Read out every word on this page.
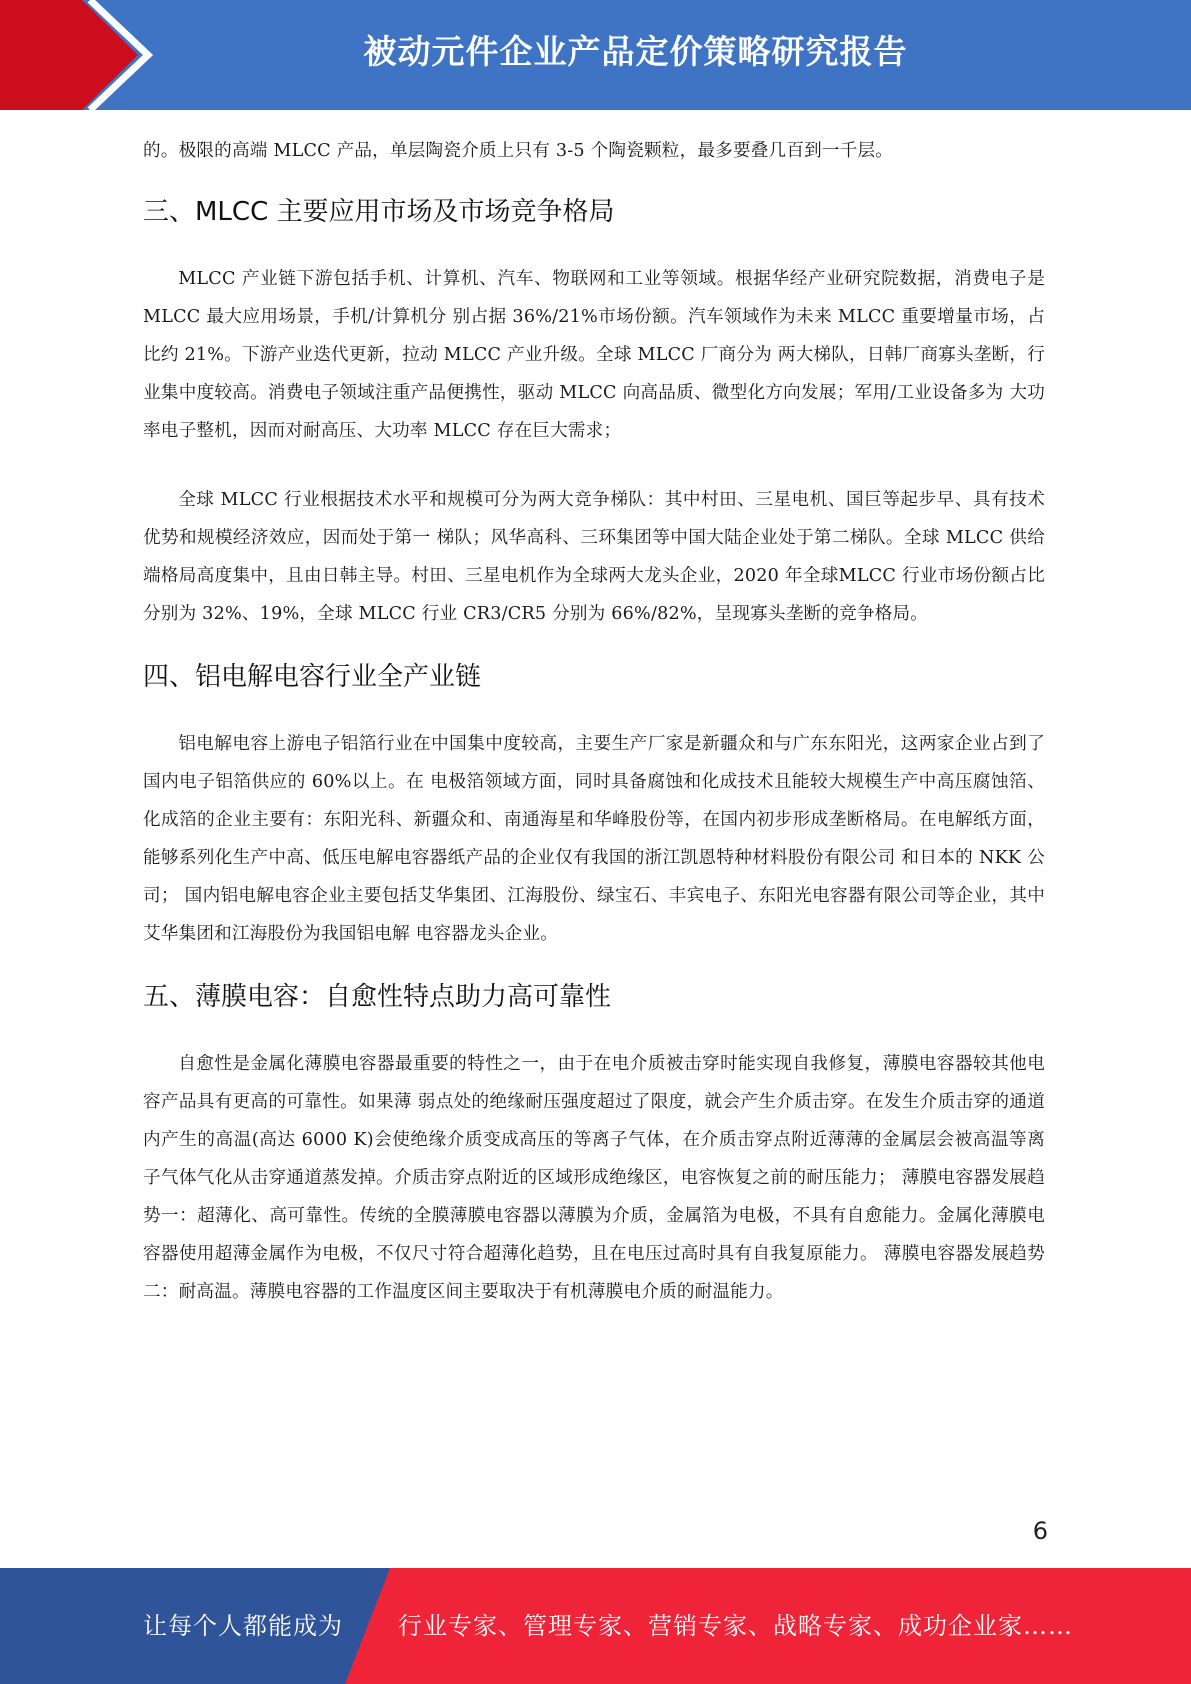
被动元件企业产品定价策略研究报告

的。极限的高端 MLCC 产品，单层陶瓷介质上只有 3-5 个陶瓷颗粒，最多要叠几百到一千层。

三、MLCC 主要应用市场及市场竞争格局

MLCC 产业链下游包括手机、计算机、汽车、物联网和工业等领域。根据华经产业研究院数据，消费电子是 MLCC 最大应用场景，手机/计算机分 别占据 36%/21%市场份额。汽车领域作为未来 MLCC 重要增量市场，占比约 21%。下游产业迭代更新，拉动 MLCC 产业升级。全球 MLCC 厂商分为 两大梯队，日韩厂商寡头垄断，行业集中度较高。消费电子领域注重产品便携性，驱动 MLCC 向高品质、微型化方向发展；军用/工业设备多为 大功率电子整机，因而对耐高压、大功率 MLCC 存在巨大需求；

全球 MLCC 行业根据技术水平和规模可分为两大竞争梯队：其中村田、三星电机、国巨等起步早、具有技术优势和规模经济效应，因而处于第一 梯队；风华高科、三环集团等中国大陆企业处于第二梯队。全球 MLCC 供给端格局高度集中，且由日韩主导。村田、三星电机作为全球两大龙头企业，2020 年全球MLCC 行业市场份额占比分别为 32%、19%，全球 MLCC 行业 CR3/CR5 分别为 66%/82%，呈现寡头垄断的竞争格局。

四、铝电解电容行业全产业链

铝电解电容上游电子铝箔行业在中国集中度较高，主要生产厂家是新疆众和与广东东阳光，这两家企业占到了国内电子铝箔供应的 60%以上。在 电极箔领域方面，同时具备腐蚀和化成技术且能较大规模生产中高压腐蚀箔、化成箔的企业主要有：东阳光科、新疆众和、南通海星和华峰股份等，在国内初步形成垄断格局。在电解纸方面，能够系列化生产中高、低压电解电容器纸产品的企业仅有我国的浙江凯恩特种材料股份有限公司 和日本的 NKK 公司； 国内铝电解电容企业主要包括艾华集团、江海股份、绿宝石、丰宾电子、东阳光电容器有限公司等企业，其中艾华集团和江海股份为我国铝电解 电容器龙头企业。

五、薄膜电容：自愈性特点助力高可靠性

自愈性是金属化薄膜电容器最重要的特性之一，由于在电介质被击穿时能实现自我修复，薄膜电容器较其他电容产品具有更高的可靠性。如果薄 弱点处的绝缘耐压强度超过了限度，就会产生介质击穿。在发生介质击穿的通道内产生的高温(高达 6000 K)会使绝缘介质变成高压的等离子气体，在介质击穿点附近薄薄的金属层会被高温等离子气体气化从击穿通道蒸发掉。介质击穿点附近的区域形成绝缘区，电容恢复之前的耐压能力； 薄膜电容器发展趋势一：超薄化、高可靠性。传统的全膜薄膜电容器以薄膜为介质，金属箔为电极，不具有自愈能力。金属化薄膜电容器使用超薄金属作为电极，不仅尺寸符合超薄化趋势，且在电压过高时具有自我复原能力。 薄膜电容器发展趋势二：耐高温。薄膜电容器的工作温度区间主要取决于有机薄膜电介质的耐温能力。

6
让每个人都能成为 行业专家、管理专家、营销专家、战略专家、成功企业家……
